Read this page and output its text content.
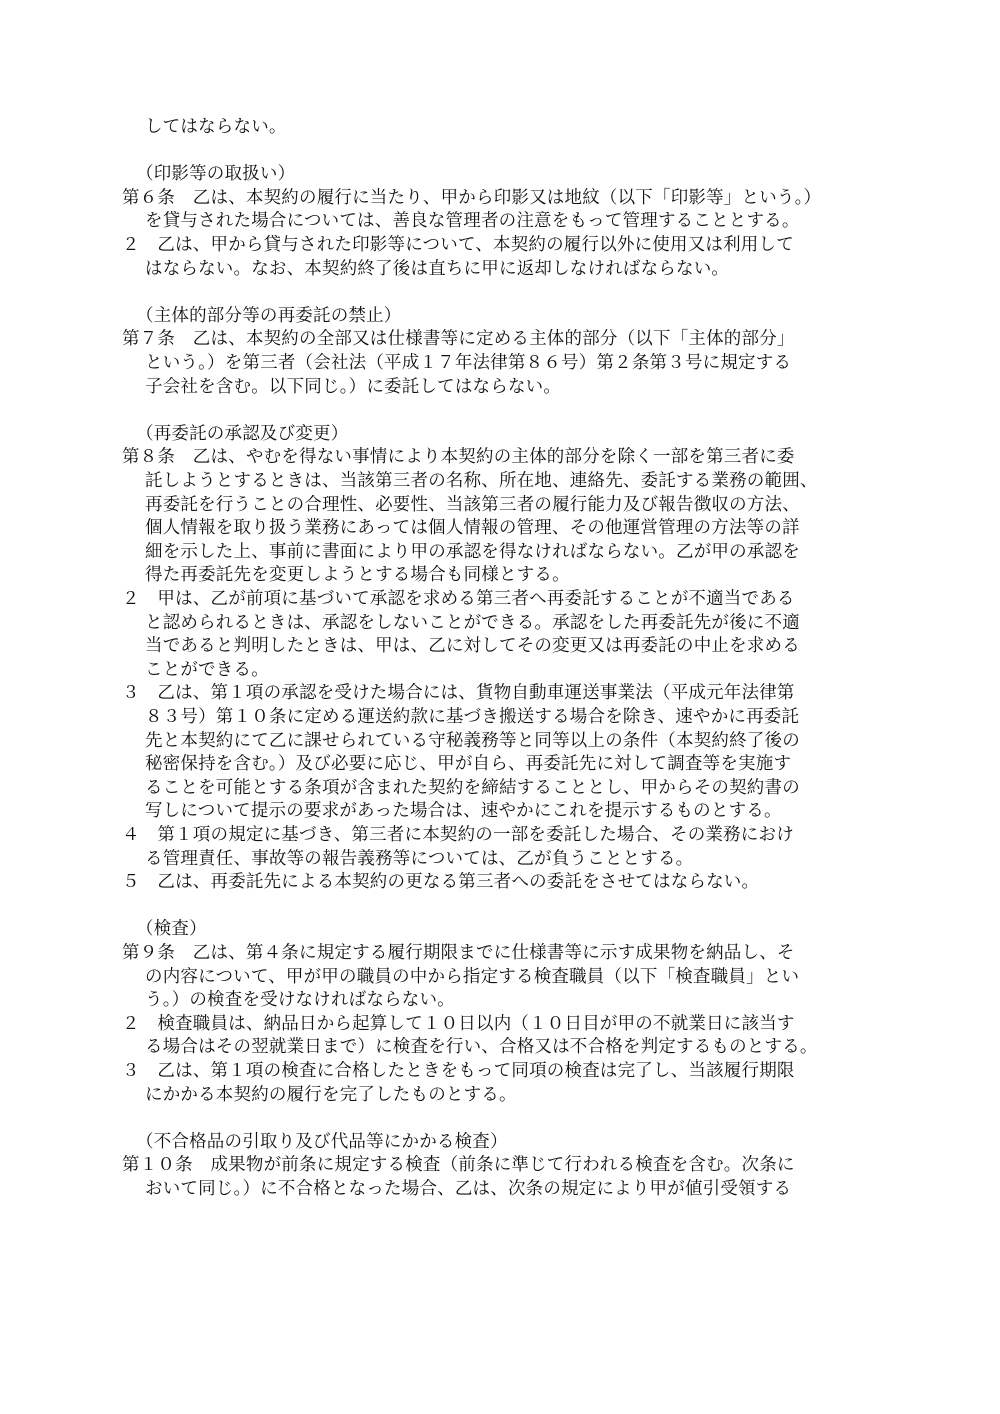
してはならない。
（印影等の取扱い）
第６条　乙は、本契約の履行に当たり、甲から印影又は地紋（以下「印影等」という。）
を貸与された場合については、善良な管理者の注意をもって管理することとする。
２　乙は、甲から貸与された印影等について、本契約の履行以外に使用又は利用して
はならない。なお、本契約終了後は直ちに甲に返却しなければならない。
（主体的部分等の再委託の禁止）
第７条　乙は、本契約の全部又は仕様書等に定める主体的部分（以下「主体的部分」
という。）を第三者（会社法（平成１７年法律第８６号）第２条第３号に規定する
子会社を含む。以下同じ。）に委託してはならない。
（再委託の承認及び変更）
第８条　乙は、やむを得ない事情により本契約の主体的部分を除く一部を第三者に委
託しようとするときは、当該第三者の名称、所在地、連絡先、委託する業務の範囲、
再委託を行うことの合理性、必要性、当該第三者の履行能力及び報告徴収の方法、
個人情報を取り扱う業務にあっては個人情報の管理、その他運営管理の方法等の詳
細を示した上、事前に書面により甲の承認を得なければならない。乙が甲の承認を
得た再委託先を変更しようとする場合も同様とする。
２　甲は、乙が前項に基づいて承認を求める第三者へ再委託することが不適当である
と認められるときは、承認をしないことができる。承認をした再委託先が後に不適
当であると判明したときは、甲は、乙に対してその変更又は再委託の中止を求める
ことができる。
３　乙は、第１項の承認を受けた場合には、貨物自動車運送事業法（平成元年法律第
８３号）第１０条に定める運送約款に基づき搬送する場合を除き、速やかに再委託
先と本契約にて乙に課せられている守秘義務等と同等以上の条件（本契約終了後の
秘密保持を含む。）及び必要に応じ、甲が自ら、再委託先に対して調査等を実施す
ることを可能とする条項が含まれた契約を締結することとし、甲からその契約書の
写しについて提示の要求があった場合は、速やかにこれを提示するものとする。
４　第１項の規定に基づき、第三者に本契約の一部を委託した場合、その業務におけ
る管理責任、事故等の報告義務等については、乙が負うこととする。
５　乙は、再委託先による本契約の更なる第三者への委託をさせてはならない。
（検査）
第９条　乙は、第４条に規定する履行期限までに仕様書等に示す成果物を納品し、そ
の内容について、甲が甲の職員の中から指定する検査職員（以下「検査職員」とい
う。）の検査を受けなければならない。
２　検査職員は、納品日から起算して１０日以内（１０日目が甲の不就業日に該当す
る場合はその翌就業日まで）に検査を行い、合格又は不合格を判定するものとする。
３　乙は、第１項の検査に合格したときをもって同項の検査は完了し、当該履行期限
にかかる本契約の履行を完了したものとする。
（不合格品の引取り及び代品等にかかる検査）
第１０条　成果物が前条に規定する検査（前条に準じて行われる検査を含む。次条に
おいて同じ。）に不合格となった場合、乙は、次条の規定により甲が値引受領する
